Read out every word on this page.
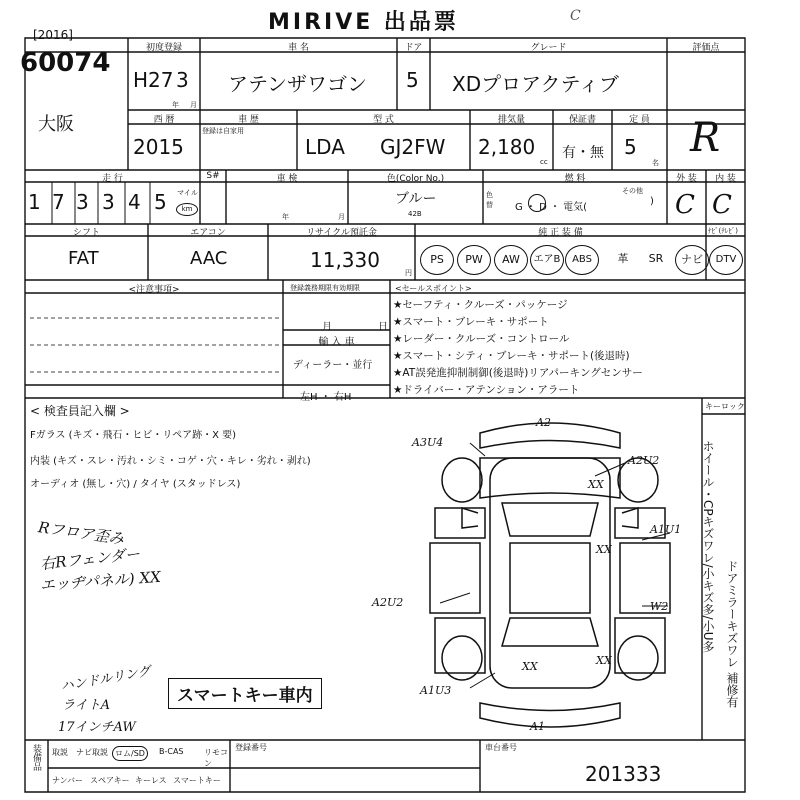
MIRIVE 出品票	C
[2016]
60074
大阪
初度登録
H27 3
年 月
車 名
アテンザワゴン
ドア
5
グレード
XDプロアクティブ
評価点
R
西 暦
2015
車 歴
登録は自家用
型 式
LDA GJ2FW
排気量
2,180
cc
保証書
有・無
定 員
5
名
走 行
1 7 3 3 4 5 マイル
km
S#	車 検
年	月
色(Color No.)
ブルー
42B
色替
燃 料
G ・ D ・ 電気(
その他
)
外 装	内 装
C C
シフト
FAT
エアコン
AAC
リサイクル預託金
11,330
円
純 正 装 備	ﾅﾋﾞ(ﾃﾚﾋﾞ)
PS	PW	AW	エアB	ABS	革	SR	ナビ	DTV
<注意事項>	登録義務期限有効期限
月	日
輸 入 車
ディーラー・並行
左H ・ 右H
<セールスポイント>
★セーフティ・クルーズ・パッケージ
★スマート・ブレーキ・サポート
★レーダー・クルーズ・コントロール
★スマート・シティ・ブレーキ・サポート(後退時)
★AT誤発進抑制制御(後退時)リアパーキングセンサー
★ドライバー・アテンション・アラート
< 検査員記入欄 >
Fガラス (キズ・飛石・ヒビ・リペア跡・X 要)
内装 (キズ・スレ・汚れ・シミ・コゲ・穴・キレ・劣れ・剥れ)
オーディオ (無し・穴) / タイヤ (スタッドレス)
Rフロア歪み
右Rフェンダー
エッヂパネル) XX
ハンドルリング
ライトA
17インチAW
スマートキー車内
キーロック
A2
A3U4
A2U2
XX
A1U1
XX
A2U2	W2
XX
XX
A1U3
A1
ホイール・CPキズワレ/小キズ多/小U多 ドアミラーキズワレ 補修有
装備品 取説 ナビ取説 ロム/SD	B-CAS	リモコン
ナンバー スペアキー キーレス スマートキー
登録番号	車台番号
201333
